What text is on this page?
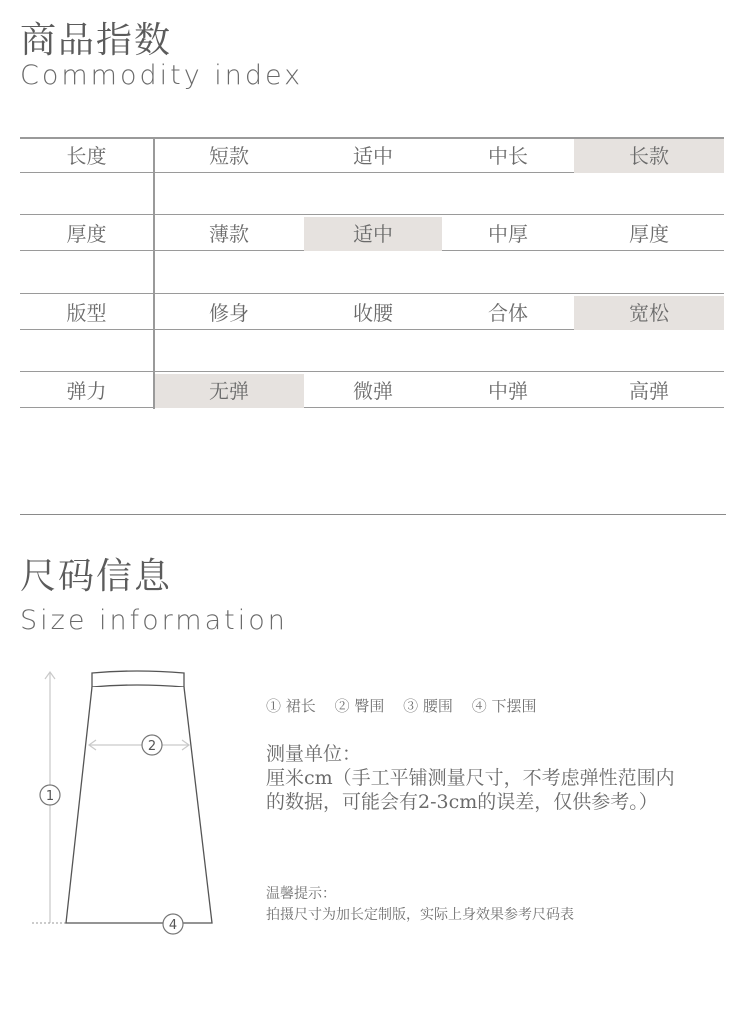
商品指数
Commodity index
长度	短款	适中	中长	长款
厚度	薄款	适中	中厚	厚度
版型	修身	收腰	合体	宽松
弹力	无弹	微弹	中弹	高弹
尺码信息
Size information
2
1
4
① 裙长 ② 臀围 ③ 腰围 ④ 下摆围
测量单位：
厘米cm（手工平铺测量尺寸，不考虑弹性范围内
的数据，可能会有2-3cm的误差，仅供参考。）
温馨提示：
拍摄尺寸为加长定制版，实际上身效果参考尺码表
